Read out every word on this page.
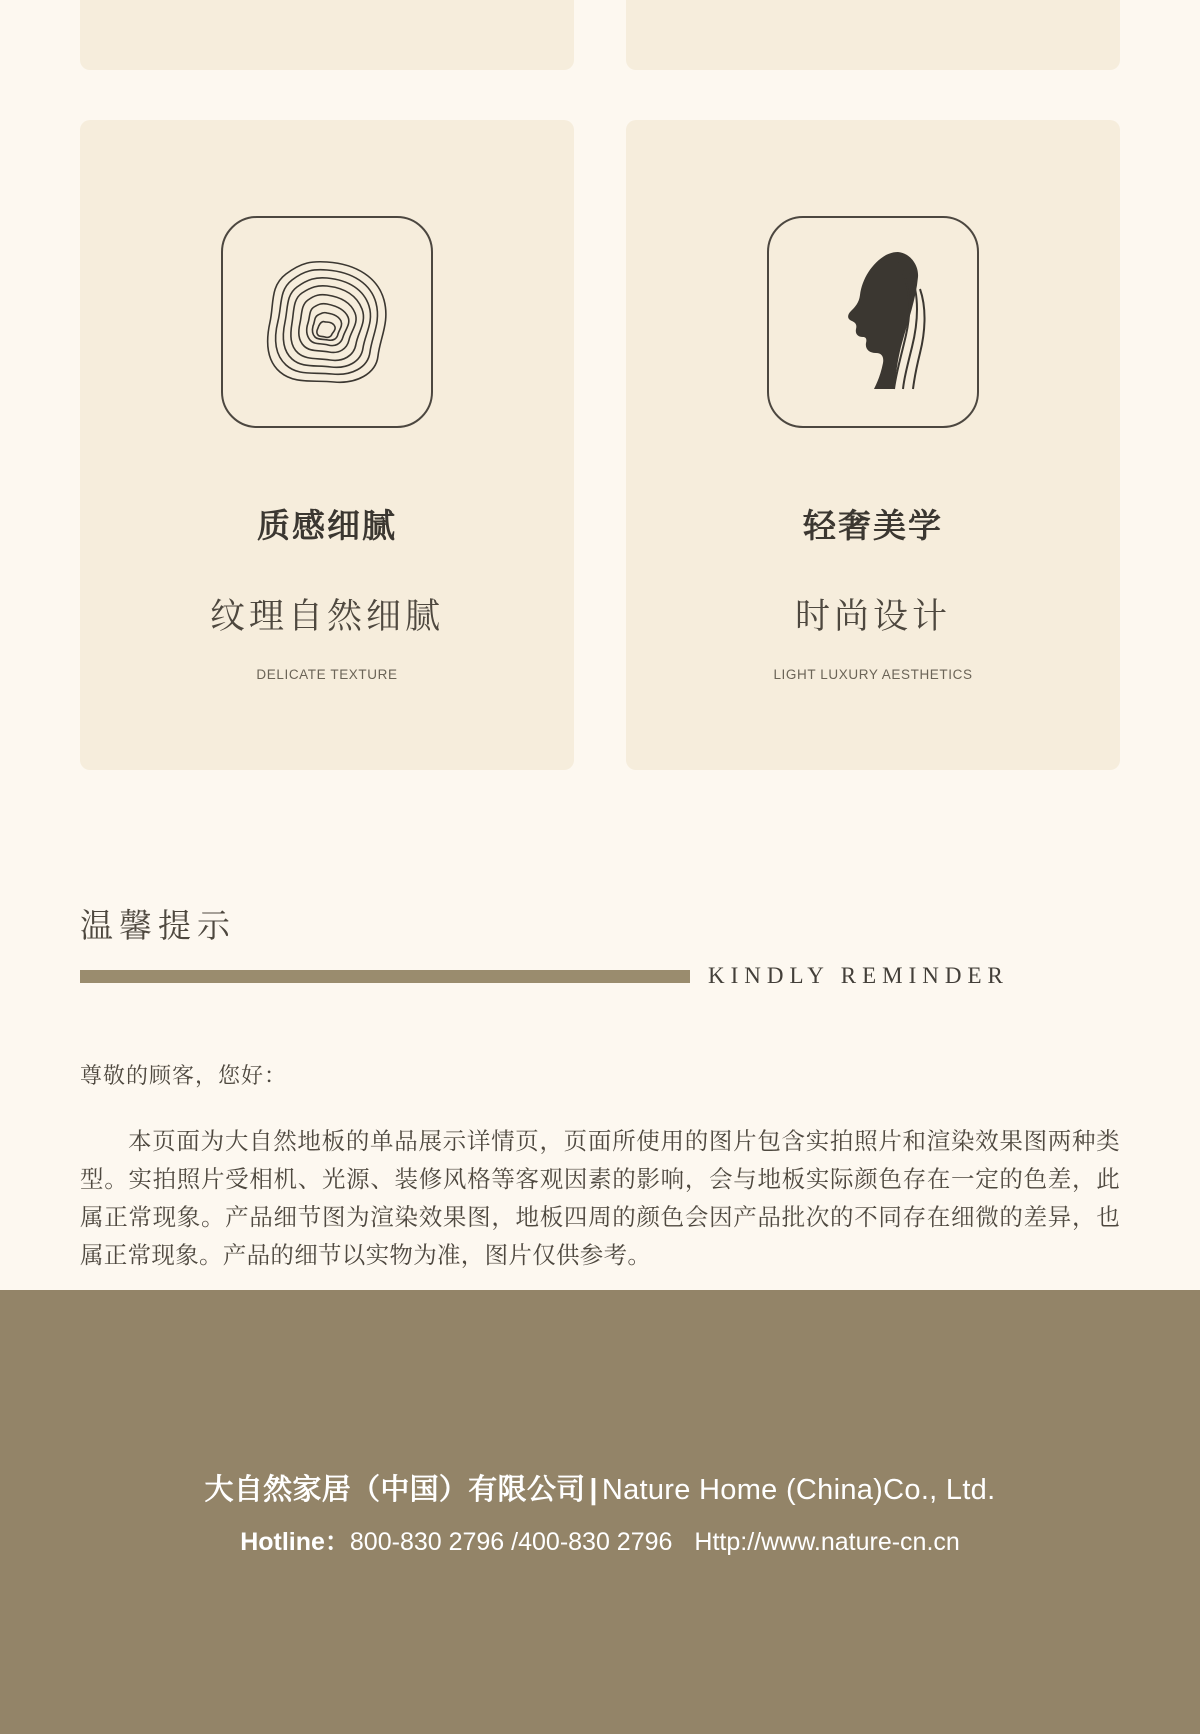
质感细腻
纹理自然细腻
DELICATE TEXTURE
轻奢美学
时尚设计
LIGHT LUXURY AESTHETICS
温馨提示
KINDLY REMINDER
尊敬的顾客，您好：
本页面为大自然地板的单品展示详情页，页面所使用的图片包含实拍照片和渲染效果图两种类型。实拍照片受相机、光源、装修风格等客观因素的影响，会与地板实际颜色存在一定的色差，此属正常现象。产品细节图为渲染效果图，地板四周的颜色会因产品批次的不同存在细微的差异，也属正常现象。产品的细节以实物为准，图片仅供参考。
大自然家居（中国）有限公司 | Nature Home (China)Co., Ltd.
Hotline：800-830 2796 /400-830 2796 Http://www.nature-cn.cn
